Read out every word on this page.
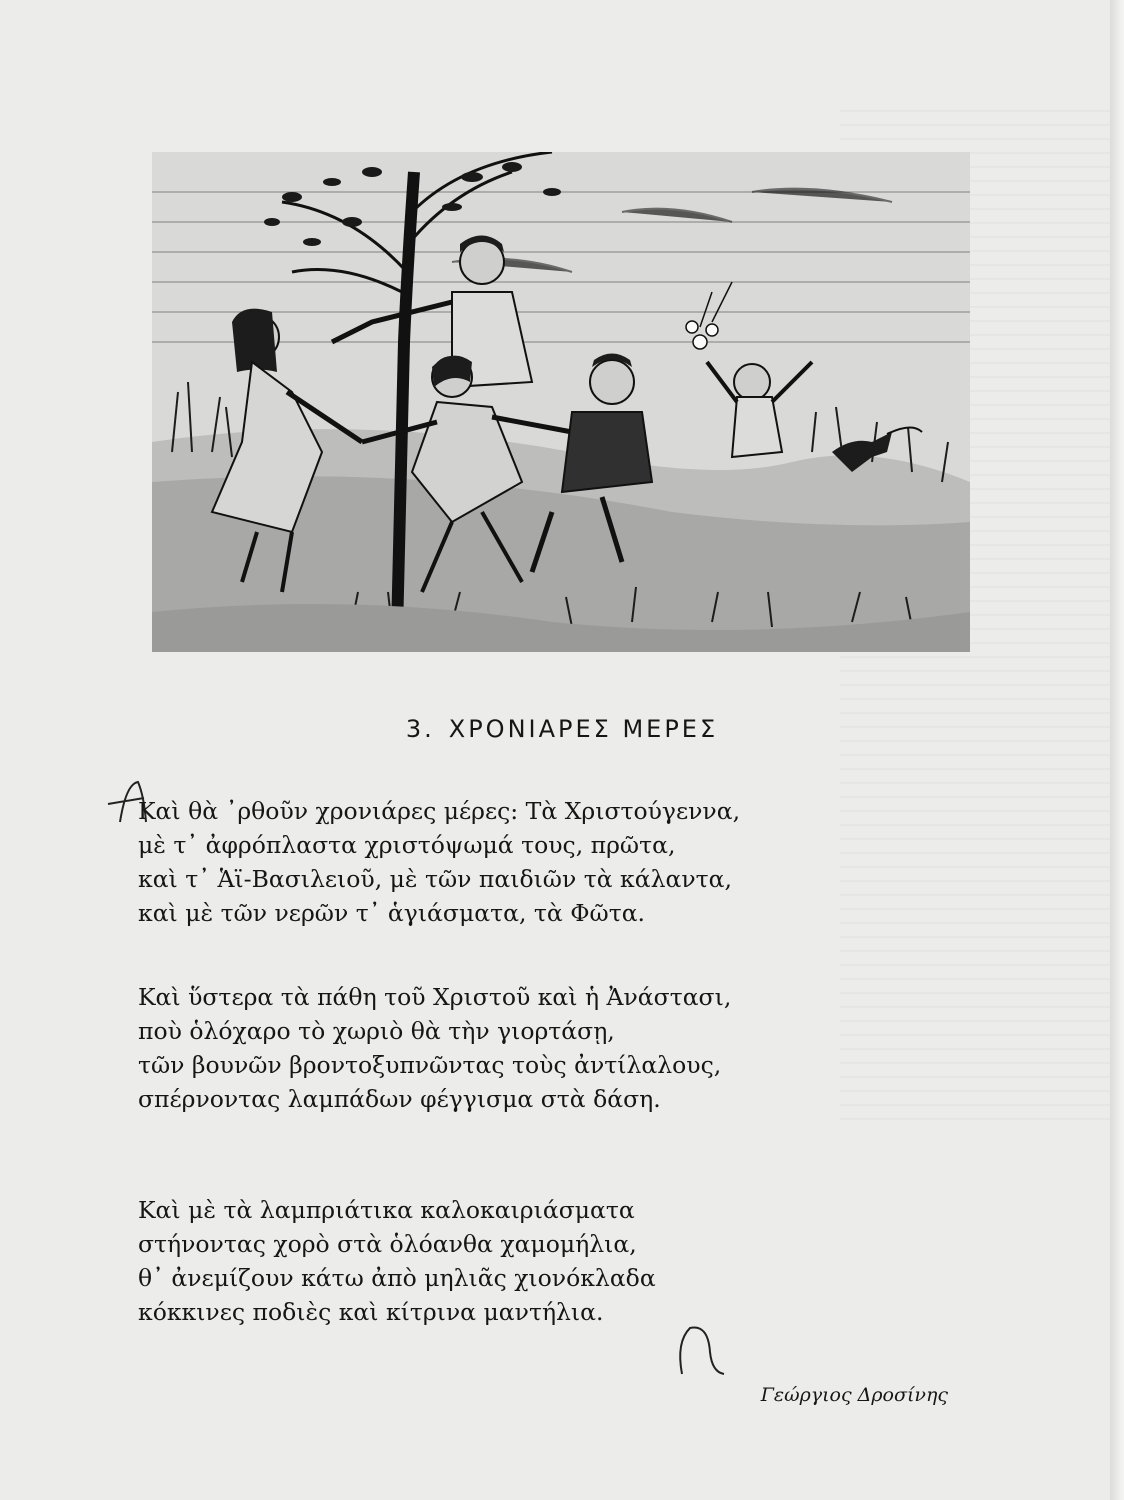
3. ΧΡΟΝΙΑΡΕΣ ΜΕΡΕΣ
Καὶ θὰ ᾿ρθοῦν χρονιάρες μέρες: Τὰ Χριστούγεννα,
μὲ τ᾿ ἀφρόπλαστα χριστόψωμά τους, πρῶτα,
καὶ τ᾿ Ἁϊ-Βασιλειοῦ, μὲ τῶν παιδιῶν τὰ κάλαντα,
καὶ μὲ τῶν νερῶν τ᾿ ἁγιάσματα, τὰ Φῶτα.
Καὶ ὕστερα τὰ πάθη τοῦ Χριστοῦ καὶ ἡ Ἀνάστασι,
ποὺ ὁλόχαρο τὸ χωριὸ θὰ τὴν γιορτάσῃ,
τῶν βουνῶν βροντοξυπνῶντας τοὺς ἀντίλαλους,
σπέρνοντας λαμπάδων φέγγισμα στὰ δάση.
Καὶ μὲ τὰ λαμπριάτικα καλοκαιριάσματα
στήνοντας χορὸ στὰ ὁλόανθα χαμομήλια,
θ᾿ ἀνεμίζουν κάτω ἀπὸ μηλιᾶς χιονόκλαδα
κόκκινες ποδιὲς καὶ κίτρινα μαντήλια.
Γεώργιος Δροσίνης
